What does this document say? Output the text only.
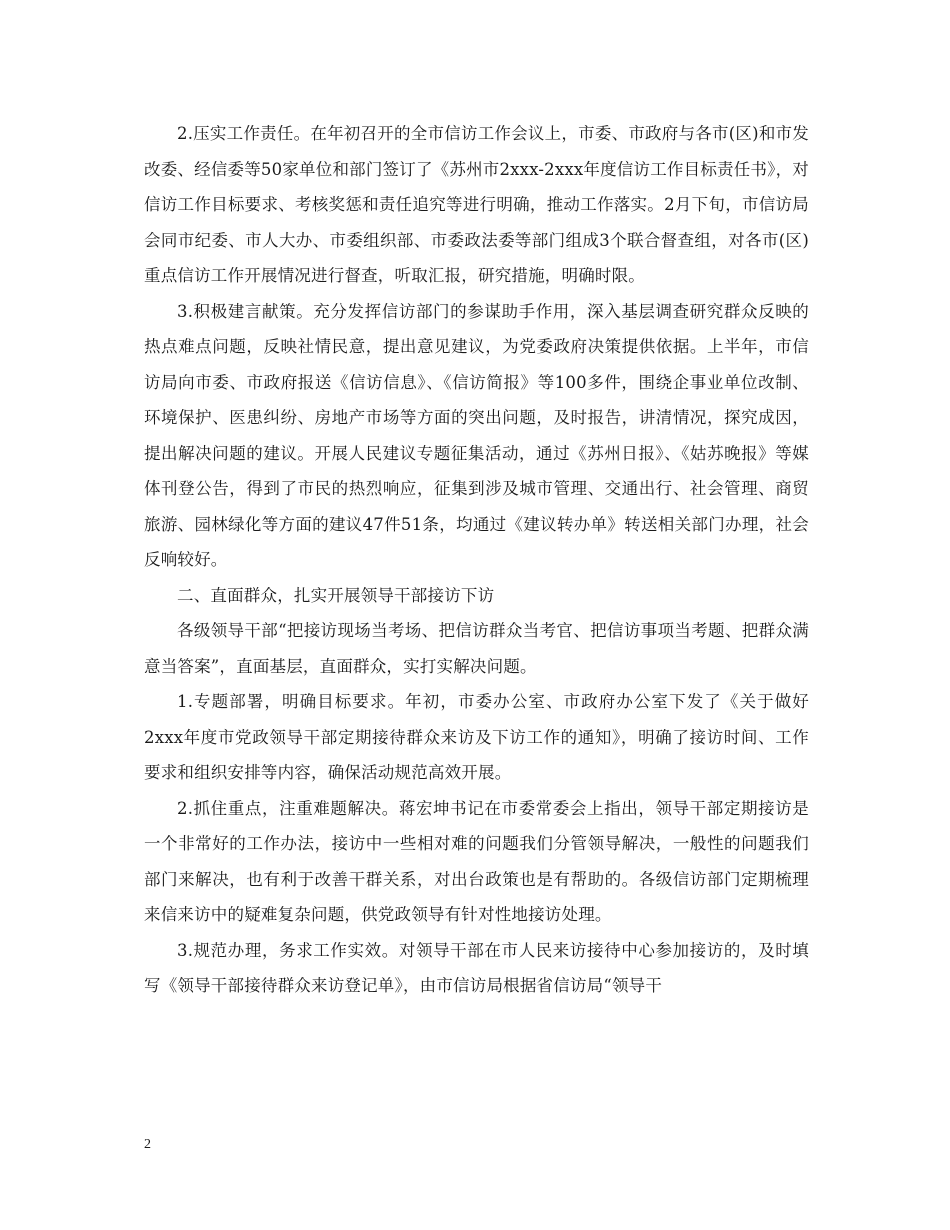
2.压实工作责任。在年初召开的全市信访工作会议上，市委、市政府与各市(区)和市发改委、经信委等50家单位和部门签订了《苏州市2xxx-2xxx年度信访工作目标责任书》，对信访工作目标要求、考核奖惩和责任追究等进行明确，推动工作落实。2月下旬，市信访局会同市纪委、市人大办、市委组织部、市委政法委等部门组成3个联合督查组，对各市(区)重点信访工作开展情况进行督查，听取汇报，研究措施，明确时限。

3.积极建言献策。充分发挥信访部门的参谋助手作用，深入基层调查研究群众反映的热点难点问题，反映社情民意，提出意见建议，为党委政府决策提供依据。上半年，市信访局向市委、市政府报送《信访信息》、《信访简报》等100多件，围绕企事业单位改制、环境保护、医患纠纷、房地产市场等方面的突出问题，及时报告，讲清情况，探究成因，提出解决问题的建议。开展人民建议专题征集活动，通过《苏州日报》、《姑苏晚报》等媒体刊登公告，得到了市民的热烈响应，征集到涉及城市管理、交通出行、社会管理、商贸旅游、园林绿化等方面的建议47件51条，均通过《建议转办单》转送相关部门办理，社会反响较好。

二、直面群众，扎实开展领导干部接访下访

各级领导干部“把接访现场当考场、把信访群众当考官、把信访事项当考题、把群众满意当答案”，直面基层，直面群众，实打实解决问题。

1.专题部署，明确目标要求。年初，市委办公室、市政府办公室下发了《关于做好2xxx年度市党政领导干部定期接待群众来访及下访工作的通知》，明确了接访时间、工作要求和组织安排等内容，确保活动规范高效开展。

2.抓住重点，注重难题解决。蒋宏坤书记在市委常委会上指出，领导干部定期接访是一个非常好的工作办法，接访中一些相对难的问题我们分管领导解决，一般性的问题我们部门来解决，也有利于改善干群关系，对出台政策也是有帮助的。各级信访部门定期梳理来信来访中的疑难复杂问题，供党政领导有针对性地接访处理。

3.规范办理，务求工作实效。对领导干部在市人民来访接待中心参加接访的，及时填写《领导干部接待群众来访登记单》，由市信访局根据省信访局“领导干

2
